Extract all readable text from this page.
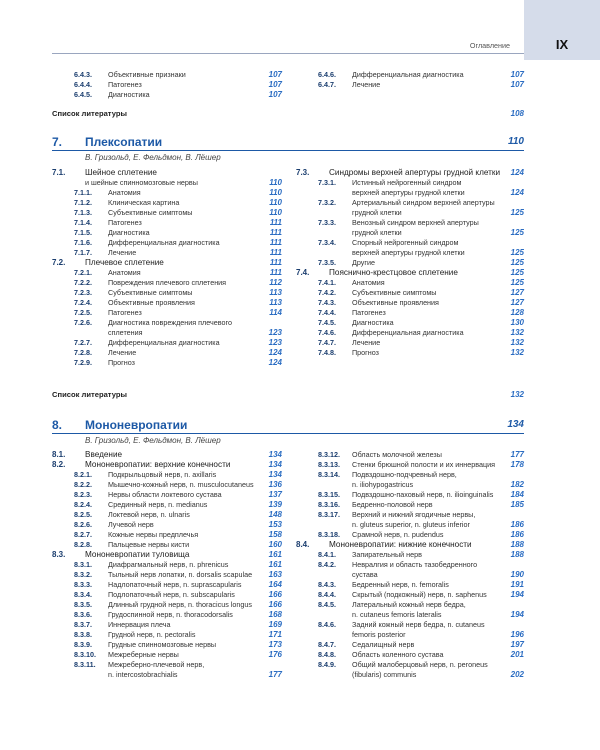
IX
Оглавление
6.4.3. Объективные признаки	107
6.4.4. Патогенез	107
6.4.5. Диагностика	107
6.4.6. Дифференциальная диагностика	107
6.4.7. Лечение	107
Список литературы	108
7. Плексопатии	110
В. Гризольд, Е. Фельдмон, В. Лёшер
7.1. Шейное сплетение
и шейные спинномозговые нервы	110
7.1.1. Анатомия	110
7.1.2. Клиническая картина	110
7.1.3. Субъективные симптомы	110
7.1.4. Патогенез	111
7.1.5. Диагностика	111
7.1.6. Дифференциальная диагностика	111
7.1.7. Лечение	111
7.2. Плечевое сплетение	111
7.2.1. Анатомия	111
7.2.2. Повреждения плечевого сплетения	112
7.2.3. Субъективные симптомы	113
7.2.4. Объективные проявления	113
7.2.5. Патогенез	114
7.2.6. Диагностика повреждения плечевого
сплетения	123
7.2.7. Дифференциальная диагностика	123
7.2.8. Лечение	124
7.2.9. Прогноз	124
7.3. Синдромы верхней апертуры грудной клетки 124
7.3.1. Истинный нейрогенный синдром
верхней апертуры грудной клетки	124
7.3.2. Артериальный синдром верхней апертуры
грудной клетки	125
7.3.3. Венозный синдром верхней апертуры
грудной клетки	125
7.3.4. Спорный нейрогенный синдром
верхней апертуры грудной клетки	125
7.3.5. Другие	125
7.4. Пояснично-крестцовое сплетение	125
7.4.1. Анатомия	125
7.4.2. Субъективные симптомы	127
7.4.3. Объективные проявления	127
7.4.4. Патогенез	128
7.4.5. Диагностика	130
7.4.6. Дифференциальная диагностика	132
7.4.7. Лечение	132
7.4.8. Прогноз	132
Список литературы	132
8. Мононевропатии	134
В. Гризольд, Е. Фельдмон, В. Лёшер
8.1. Введение	134
8.2. Мононевропатии: верхние конечности	134
8.2.1. Подкрыльцовый нерв, n. axillaris	134
8.2.2. Мышечно-кожный нерв, n. musculocutaneus 136
8.2.3. Нервы области локтевого сустава	137
8.2.4. Срединный нерв, n. medianus	139
8.2.5. Локтевой нерв, n. ulnaris	148
8.2.6. Лучевой нерв	153
8.2.7. Кожные нервы предплечья	158
8.2.8. Пальцевые нервы кисти	160
8.3. Мононевропатии туловища	161
8.3.1. Диафрагмальный нерв, n. phrenicus	161
8.3.2. Тыльный нерв лопатки, n. dorsalis scapulae 163
8.3.3. Надлопаточный нерв, n. suprascapularis	164
8.3.4. Подлопаточный нерв, n. subscapularis	166
8.3.5. Длинный грудной нерв, n. thoracicus longus 166
8.3.6. Грудоспинной нерв, n. thoracodorsalis	168
8.3.7. Иннервация плеча	169
8.3.8. Грудной нерв, n. pectoralis	171
8.3.9. Грудные спинномозговые нервы	173
8.3.10. Межреберные нервы	176
8.3.11. Межреберно-плечевой нерв,
n. intercostobrachialis	177
8.3.12. Область молочной железы	177
8.3.13. Стенки брюшной полости и их иннервация 178
8.3.14. Подвздошно-подчревный нерв,
n. iliohypogastricus	182
8.3.15. Подвздошно-паховый нерв, n. ilioinguinalis 184
8.3.16. Бедренно-половой нерв	185
8.3.17. Верхний и нижний ягодичные нервы,
n. gluteus superior, n. gluteus inferior	186
8.3.18. Срамной нерв, n. pudendus	186
8.4. Мононевропатии: нижние конечности	188
8.4.1. Запирательный нерв	188
8.4.2. Невралгия и область тазобедренного
сустава	190
8.4.3. Бедренный нерв, n. femoralis	191
8.4.4. Скрытый (подкожный) нерв, n. saphenus	194
8.4.5. Латеральный кожный нерв бедра,
n. cutaneus femoris lateralis	194
8.4.6. Задний кожный нерв бедра, n. cutaneus
femoris posterior	196
8.4.7. Седалищный нерв	197
8.4.8. Область коленного сустава	201
8.4.9. Общий малоберцовый нерв, n. peroneus
(fibularis) communis	202
